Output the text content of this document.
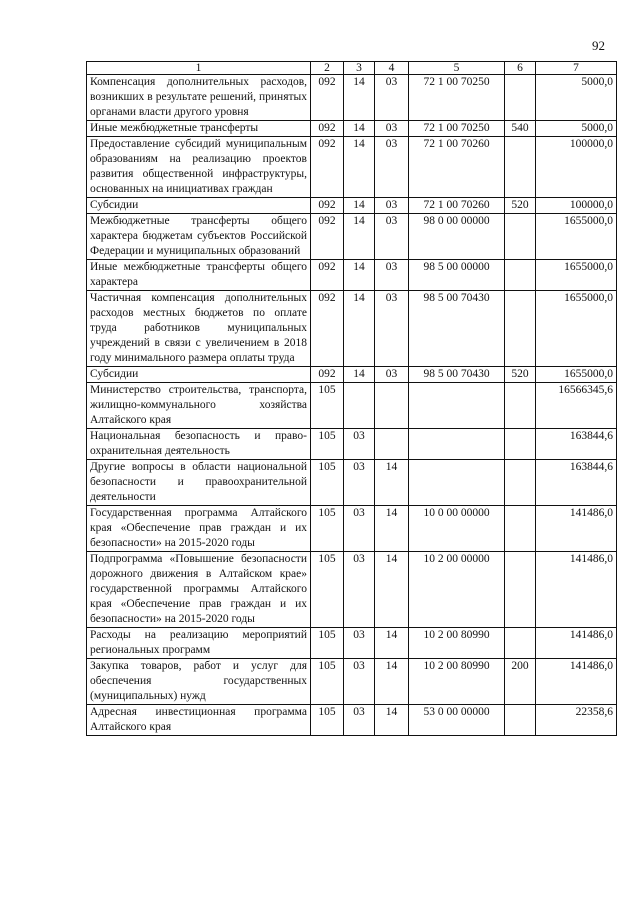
92
1	2	3	4	5	6	7
Компенсация дополнительных расходов, возникших в результате решений, принятых органами власти другого уровня	092	14	03	72 1 00 70250		5000,0
Иные межбюджетные трансферты	092	14	03	72 1 00 70250	540	5000,0
Предоставление субсидий муниципальным образованиям на реализацию проектов развития общественной инфраструктуры, основанных на инициативах граждан	092	14	03	72 1 00 70260		100000,0
Субсидии	092	14	03	72 1 00 70260	520	100000,0
Межбюджетные трансферты общего характера бюджетам субъектов Российской Федерации и муниципальных образований	092	14	03	98 0 00 00000		1655000,0
Иные межбюджетные трансферты общего характера	092	14	03	98 5 00 00000		1655000,0
Частичная компенсация дополнительных расходов местных бюджетов по оплате труда работников муниципальных учреждений в связи с увеличением в 2018 году минимального размера оплаты труда	092	14	03	98 5 00 70430		1655000,0
Субсидии	092	14	03	98 5 00 70430	520	1655000,0
Министерство строительства, транспорта, жилищно-коммунального хозяйства Алтайского края	105					16566345,6
Национальная безопасность и правоохранительная деятельность	105	03				163844,6
Другие вопросы в области национальной безопасности и правоохранительной деятельности	105	03	14			163844,6
Государственная программа Алтайского края «Обеспечение прав граждан и их безопасности» на 2015-2020 годы	105	03	14	10 0 00 00000		141486,0
Подпрограмма «Повышение безопасности дорожного движения в Алтайском крае» государственной программы Алтайского края «Обеспечение прав граждан и их безопасности» на 2015-2020 годы	105	03	14	10 2 00 00000		141486,0
Расходы на реализацию мероприятий региональных программ	105	03	14	10 2 00 80990		141486,0
Закупка товаров, работ и услуг для обеспечения государственных (муниципальных) нужд	105	03	14	10 2 00 80990	200	141486,0
Адресная инвестиционная программа Алтайского края	105	03	14	53 0 00 00000		22358,6
